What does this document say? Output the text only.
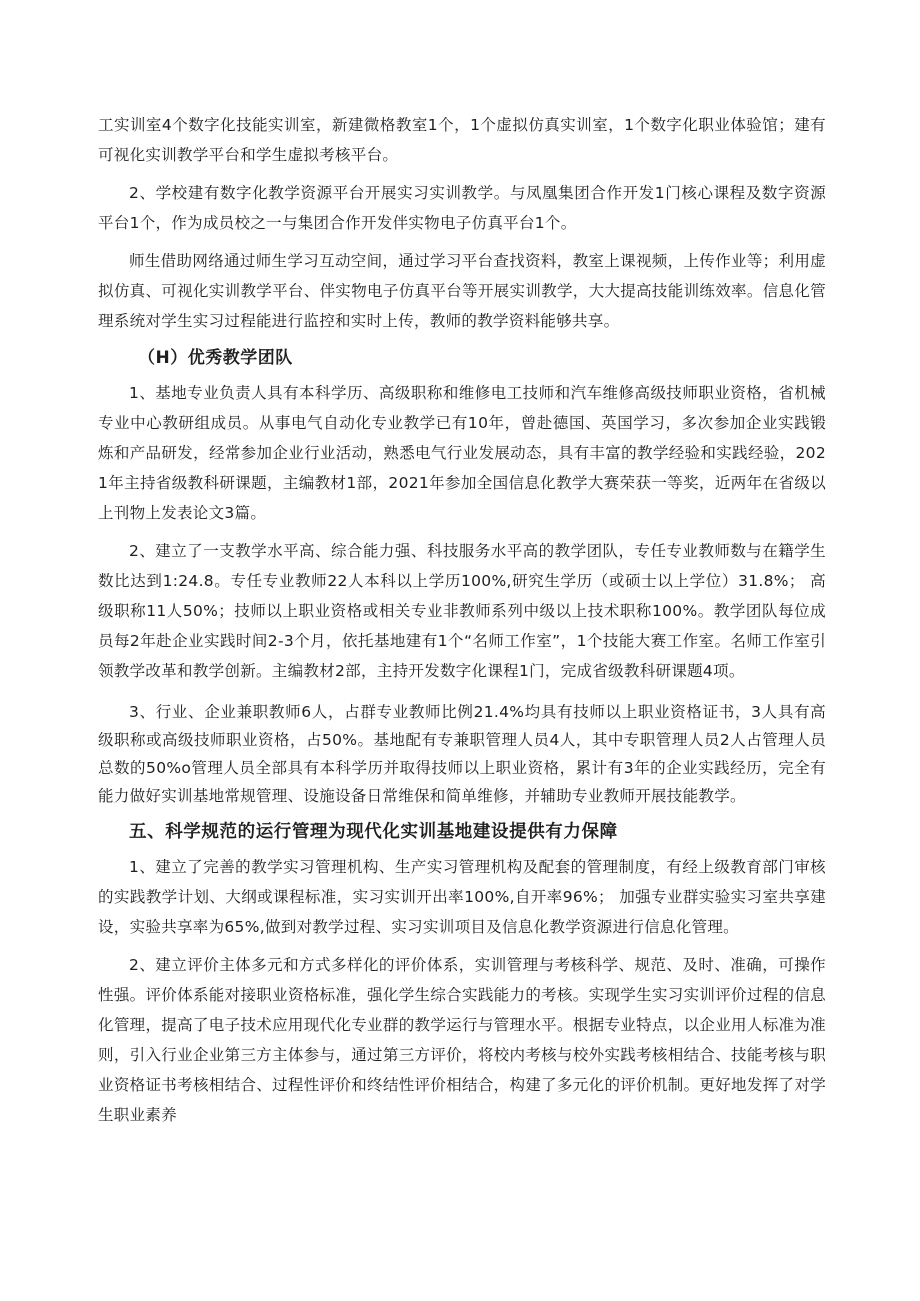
工实训室4个数字化技能实训室，新建微格教室1个，1个虚拟仿真实训室，1个数字化职业体验馆；建有可视化实训教学平台和学生虚拟考核平台。

2、学校建有数字化教学资源平台开展实习实训教学。与凤凰集团合作开发1门核心课程及数字资源平台1个，作为成员校之一与集团合作开发伴实物电子仿真平台1个。

师生借助网络通过师生学习互动空间，通过学习平台查找资料，教室上课视频，上传作业等；利用虚拟仿真、可视化实训教学平台、伴实物电子仿真平台等开展实训教学，大大提高技能训练效率。信息化管理系统对学生实习过程能进行监控和实时上传，教师的教学资料能够共享。

（H）优秀教学团队

1、基地专业负责人具有本科学历、高级职称和维修电工技师和汽车维修高级技师职业资格，省机械专业中心教研组成员。从事电气自动化专业教学已有10年，曾赴德国、英国学习，多次参加企业实践锻炼和产品研发，经常参加企业行业活动，熟悉电气行业发展动态，具有丰富的教学经验和实践经验，2021年主持省级教科研课题，主编教材1部，2021年参加全国信息化教学大赛荣获一等奖，近两年在省级以上刊物上发表论文3篇。

2、建立了一支教学水平高、综合能力强、科技服务水平高的教学团队，专任专业教师数与在籍学生数比达到1:24.8。专任专业教师22人本科以上学历100%,研究生学历（或硕士以上学位）31.8%； 高级职称11人50%；技师以上职业资格或相关专业非教师系列中级以上技术职称100%。教学团队每位成员每2年赴企业实践时间2-3个月，依托基地建有1个“名师工作室”，1个技能大赛工作室。名师工作室引领教学改革和教学创新。主编教材2部，主持开发数字化课程1门，完成省级教科研课题4项。

3、行业、企业兼职教师6人，占群专业教师比例21.4%均具有技师以上职业资格证书，3人具有高级职称或高级技师职业资格，占50%。基地配有专兼职管理人员4人，其中专职管理人员2人占管理人员总数的50%o管理人员全部具有本科学历并取得技师以上职业资格，累计有3年的企业实践经历，完全有能力做好实训基地常规管理、设施设备日常维保和简单维修，并辅助专业教师开展技能教学。

五、科学规范的运行管理为现代化实训基地建设提供有力保障

1、建立了完善的教学实习管理机构、生产实习管理机构及配套的管理制度，有经上级教育部门审核的实践教学计划、大纲或课程标准，实习实训开出率100%,自开率96%； 加强专业群实验实习室共享建设，实验共享率为65%,做到对教学过程、实习实训项目及信息化教学资源进行信息化管理。

2、建立评价主体多元和方式多样化的评价体系，实训管理与考核科学、规范、及时、准确，可操作性强。评价体系能对接职业资格标准，强化学生综合实践能力的考核。实现学生实习实训评价过程的信息化管理，提高了电子技术应用现代化专业群的教学运行与管理水平。根据专业特点，以企业用人标准为准则，引入行业企业第三方主体参与，通过第三方评价，将校内考核与校外实践考核相结合、技能考核与职业资格证书考核相结合、过程性评价和终结性评价相结合，构建了多元化的评价机制。更好地发挥了对学生职业素养
